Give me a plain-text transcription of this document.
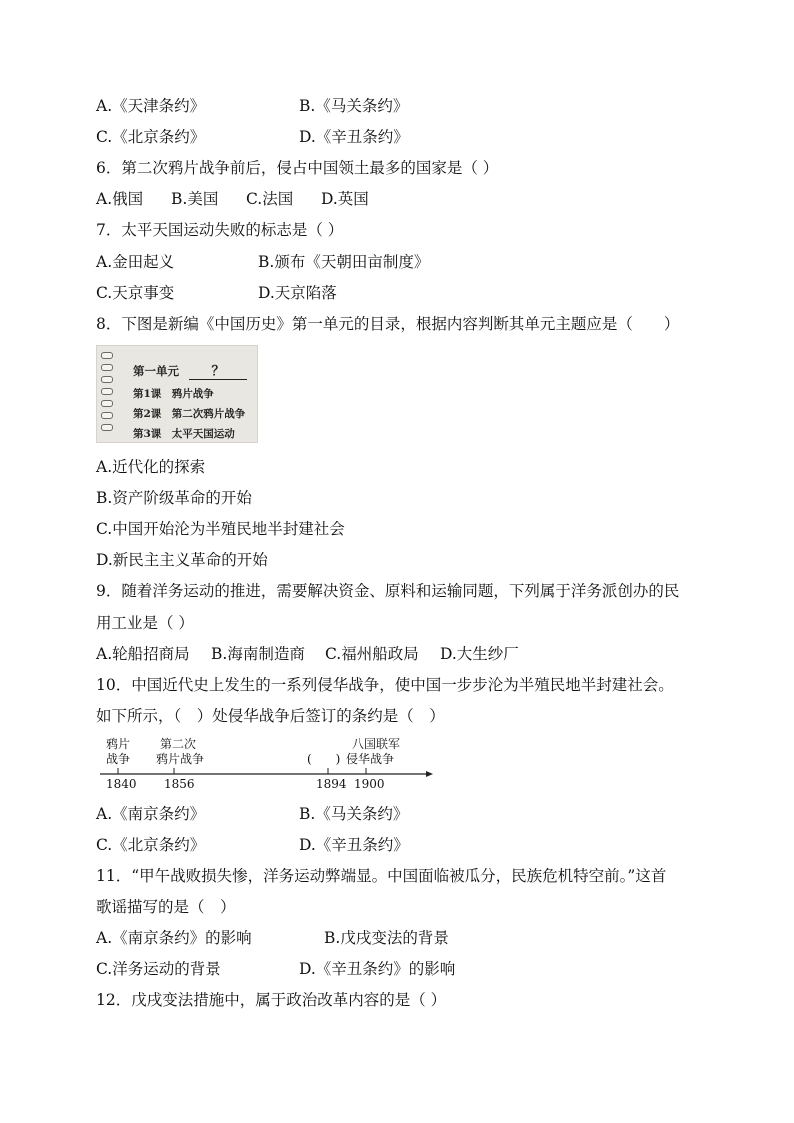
A.《天津条约》	B.《马关条约》
C.《北京条约》	D.《辛丑条约》
6．第二次鸦片战争前后，侵占中国领土最多的国家是（ ）
A.俄国 B.美国 C.法国 D.英国
7．太平天国运动失败的标志是（ ）
A.金田起义	B.颁布《天朝田亩制度》
C.天京事变	D.天京陷落
8．下图是新编《中国历史》第一单元的目录，根据内容判断其单元主题应是（　　）
第一单元	？
第1课　鸦片战争
第2课　第二次鸦片战争
第3课　太平天国运动
A.近代化的探索
B.资产阶级革命的开始
C.中国开始沦为半殖民地半封建社会
D.新民主主义革命的开始
9．随着洋务运动的推进，需要解决资金、原料和运输同题，下列属于洋务派创办的民
用工业是（ ）
A.轮船招商局 B.海南制造商 C.福州船政局 D.大生纱厂
10．中国近代史上发生的一系列侵华战争，使中国一步步沦为半殖民地半封建社会。
如下所示，（　）处侵华战争后签订的条约是（　）
鸦片
战争
第二次
鸦片战争	(　　)
八国联军
侵华战争
1840 1856	1894 1900
A.《南京条约》	B.《马关条约》
C.《北京条约》	D.《辛丑条约》
11．“甲午战败损失惨，洋务运动弊端显。中国面临被瓜分，民族危机特空前。”这首
歌谣描写的是（　）
A.《南京条约》的影响	B.戊戌变法的背景
C.洋务运动的背景	D.《辛丑条约》的影响
12．戊戌变法措施中，属于政治改革内容的是（ ）
